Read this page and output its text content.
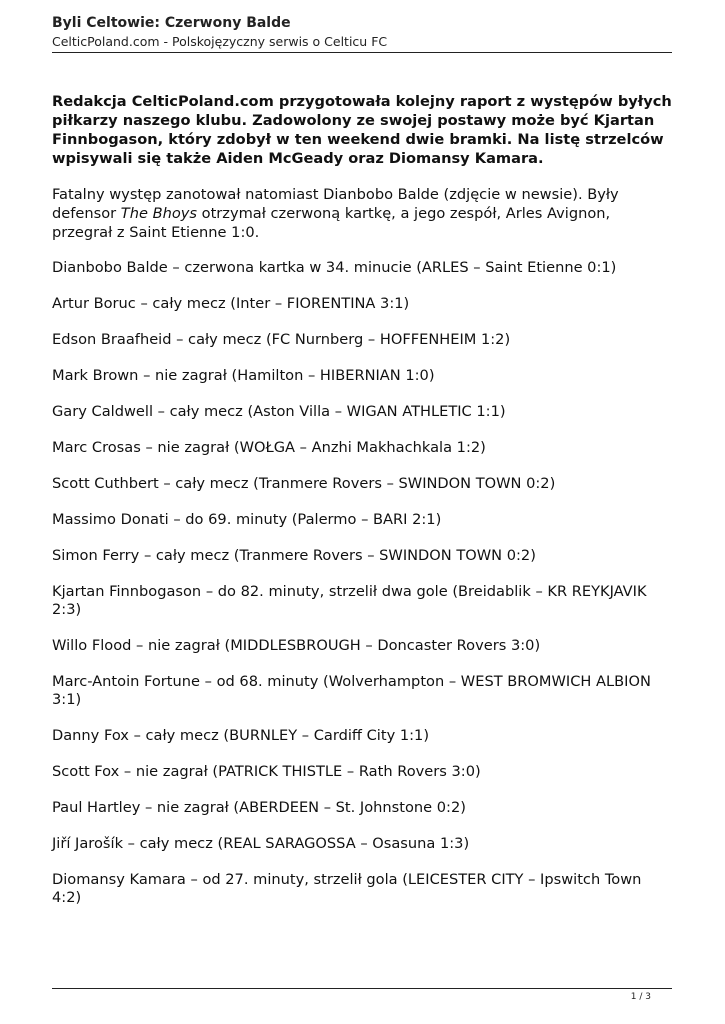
Byli Celtowie: Czerwony Balde
CelticPoland.com - Polskojęzyczny serwis o Celticu FC

Redakcja CelticPoland.com przygotowała kolejny raport z występów byłych piłkarzy naszego klubu. Zadowolony ze swojej postawy może być Kjartan Finnbogason, który zdobył w ten weekend dwie bramki. Na listę strzelców wpisywali się także Aiden McGeady oraz Diomansy Kamara.

Fatalny występ zanotował natomiast Dianbobo Balde (zdjęcie w newsie). Były defensor The Bhoys otrzymał czerwoną kartkę, a jego zespół, Arles Avignon, przegrał z Saint Etienne 1:0.

Dianbobo Balde – czerwona kartka w 34. minucie (ARLES – Saint Etienne 0:1)

Artur Boruc – cały mecz (Inter – FIORENTINA 3:1)

Edson Braafheid – cały mecz (FC Nurnberg – HOFFENHEIM 1:2)

Mark Brown – nie zagrał (Hamilton – HIBERNIAN 1:0)

Gary Caldwell – cały mecz (Aston Villa – WIGAN ATHLETIC 1:1)

Marc Crosas – nie zagrał (WOŁGA – Anzhi Makhachkala 1:2)

Scott Cuthbert – cały mecz (Tranmere Rovers – SWINDON TOWN 0:2)

Massimo Donati – do 69. minuty (Palermo – BARI 2:1)

Simon Ferry – cały mecz (Tranmere Rovers – SWINDON TOWN 0:2)

Kjartan Finnbogason – do 82. minuty, strzelił dwa gole (Breidablik – KR REYKJAVIK 2:3)

Willo Flood – nie zagrał (MIDDLESBROUGH – Doncaster Rovers 3:0)

Marc-Antoin Fortune – od 68. minuty (Wolverhampton – WEST BROMWICH ALBION 3:1)

Danny Fox – cały mecz (BURNLEY – Cardiff City 1:1)

Scott Fox – nie zagrał (PATRICK THISTLE – Rath Rovers 3:0)

Paul Hartley – nie zagrał (ABERDEEN – St. Johnstone 0:2)

Jiří Jarošík – cały mecz (REAL SARAGOSSA – Osasuna 1:3)

Diomansy Kamara – od 27. minuty, strzelił gola (LEICESTER CITY – Ipswitch Town 4:2)

1 / 3
